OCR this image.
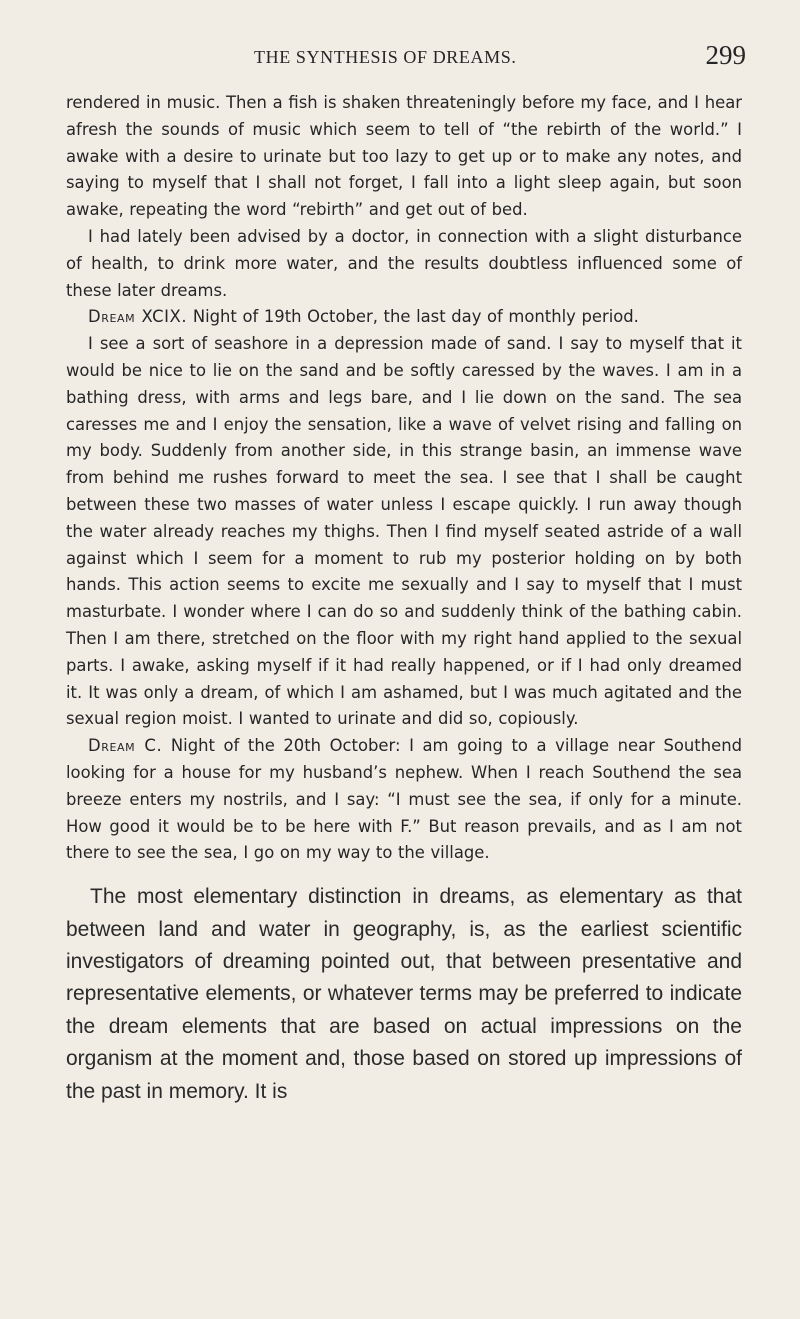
THE SYNTHESIS OF DREAMS.	299

rendered in music. Then a fish is shaken threateningly before my face, and I hear afresh the sounds of music which seem to tell of “the rebirth of the world.” I awake with a desire to urinate but too lazy to get up or to make any notes, and saying to myself that I shall not forget, I fall into a light sleep again, but soon awake, repeating the word “rebirth” and get out of bed.

I had lately been advised by a doctor, in connection with a slight disturbance of health, to drink more water, and the results doubtless influenced some of these later dreams.

Dream XCIX. Night of 19th October, the last day of monthly period.

I see a sort of seashore in a depression made of sand. I say to myself that it would be nice to lie on the sand and be softly caressed by the waves. I am in a bathing dress, with arms and legs bare, and I lie down on the sand. The sea caresses me and I enjoy the sensation, like a wave of velvet rising and falling on my body. Suddenly from another side, in this strange basin, an immense wave from behind me rushes forward to meet the sea. I see that I shall be caught between these two masses of water unless I escape quickly. I run away though the water already reaches my thighs. Then I find myself seated astride of a wall against which I seem for a moment to rub my posterior holding on by both hands. This action seems to excite me sexually and I say to myself that I must masturbate. I wonder where I can do so and suddenly think of the bathing cabin. Then I am there, stretched on the floor with my right hand applied to the sexual parts. I awake, asking myself if it had really happened, or if I had only dreamed it. It was only a dream, of which I am ashamed, but I was much agitated and the sexual region moist. I wanted to urinate and did so, copiously.

Dream C. Night of the 20th October: I am going to a village near Southend looking for a house for my husband’s nephew. When I reach Southend the sea breeze enters my nostrils, and I say: “I must see the sea, if only for a minute. How good it would be to be here with F.” But reason prevails, and as I am not there to see the sea, I go on my way to the village.

The most elementary distinction in dreams, as elementary as that between land and water in geography, is, as the earliest scientific investigators of dreaming pointed out, that between presentative and representative elements, or whatever terms may be preferred to indicate the dream elements that are based on actual impressions on the organism at the moment and, those based on stored up impressions of the past in memory. It is
